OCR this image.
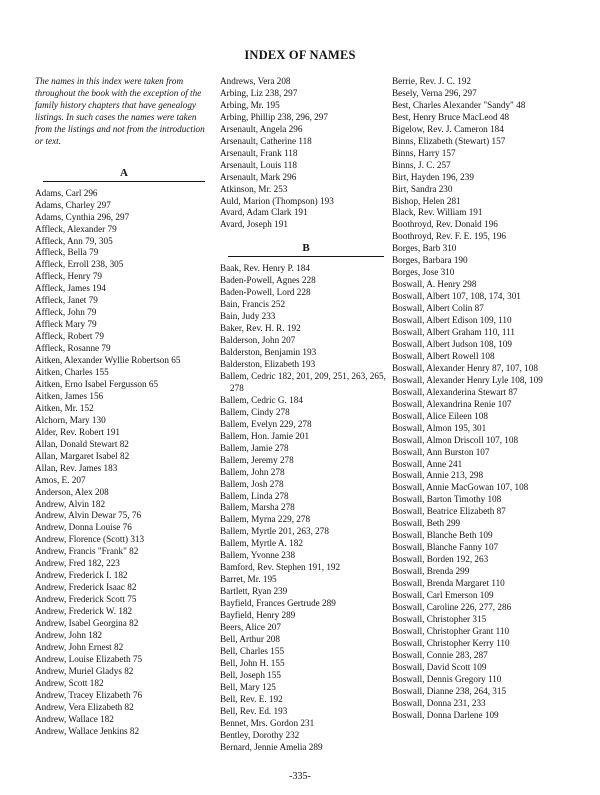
INDEX OF NAMES
The names in this index were taken from throughout the book with the exception of the family history chapters that have genealogy listings. In such cases the names were taken from the listings and not from the introduction or text.
A
Adams, Carl 296
Adams, Charley 297
Adams, Cynthia 296, 297
Affleck, Alexander 79
Affleck, Ann 79, 305
Affleck, Bella 79
Affleck, Erroll 238, 305
Affleck, Henry 79
Affleck, James 194
Affleck, Janet 79
Affleck, John 79
Affleck Mary 79
Affleck, Robert 79
Affleck, Rosanne 79
Aitken, Alexander Wyllie Robertson 65
Aitken, Charles 155
Aitken, Erno Isabel Fergusson 65
Aitken, James 156
Aitken, Mr. 152
Alchorn, Mary 130
Alder, Rev. Robert 191
Allan, Donald Stewart 82
Allan, Margaret Isabel 82
Allan, Rev. James 183
Amos, E. 207
Anderson, Alex 208
Andrew, Alvin 182
Andrew, Alvin Dewar 75, 76
Andrew, Donna Louise 76
Andrew, Florence (Scott) 313
Andrew, Francis "Frank" 82
Andrew, Fred 182, 223
Andrew, Frederick I. 182
Andrew, Frederick Isaac 82
Andrew, Frederick Scott 75
Andrew, Frederick W. 182
Andrew, Isabel Georgina 82
Andrew, John 182
Andrew, John Ernest 82
Andrew, Louise Elizabeth 75
Andrew, Muriel Gladys 82
Andrew, Scott 182
Andrew, Tracey Elizabeth 76
Andrew, Vera Elizabeth 82
Andrew, Wallace 182
Andrew, Wallace Jenkins 82
Andrews, Vera 208
Arbing, Liz 238, 297
Arbing, Mr. 195
Arbing, Phillip 238, 296, 297
Arsenault, Angela 296
Arsenault, Catherine 118
Arsenault, Frank 118
Arsenault, Louis 118
Arsenault, Mark 296
Atkinson, Mr. 253
Auld, Marion (Thompson) 193
Avard, Adam Clark 191
Avard, Joseph 191
B
Baak, Rev. Henry P. 184
Baden-Powell, Agnes 228
Baden-Powell, Lord 228
Bain, Francis 252
Bain, Judy 233
Baker, Rev. H. R. 192
Balderson, John 207
Balderston, Benjamin 193
Balderston, Elizabeth 193
Ballem, Cedric 182, 201, 209, 251, 263, 265, 278
Ballem, Cedric G. 184
Ballem, Cindy 278
Ballem, Evelyn 229, 278
Ballem, Hon. Jamie 201
Ballem, Jamie 278
Ballem, Jeremy 278
Ballem, John 278
Ballem, Josh 278
Ballem, Linda 278
Ballem, Marsha 278
Ballem, Myrna 229, 278
Ballem, Myrtle 201, 263, 278
Ballem, Myrtle A. 182
Ballem, Yvonne 238
Bamford, Rev. Stephen 191, 192
Barret, Mr. 195
Bartlett, Ryan 239
Bayfield, Frances Gertrude 289
Bayfield, Henry 289
Beers, Alice 207
Bell, Arthur 208
Bell, Charles 155
Bell, John H. 155
Bell, Joseph 155
Bell, Mary 125
Bell, Rev. E. 192
Bell, Rev. Ed. 193
Bennet, Mrs. Gordon 231
Bentley, Dorothy 232
Bernard, Jennie Amelia 289
Berrie, Rev. J. C. 192
Besely, Verna 296, 297
Best, Charles Alexander "Sandy" 48
Best, Henry Bruce MacLeod 48
Bigelow, Rev. J. Cameron 184
Binns, Elizabeth (Stewart) 157
Binns, Harry 157
Binns, J. C. 257
Birt, Hayden 196, 239
Birt, Sandra 230
Bishop, Helen 281
Black, Rev. William 191
Boothroyd, Rev. Donald 196
Boothroyd, Rev. F. E. 195, 196
Borges, Barb 310
Borges, Barbara 190
Borges, Jose 310
Boswall, A. Henry 298
Boswall, Albert 107, 108, 174, 301
Boswall, Albert Colin 87
Boswall, Albert Edison 109, 110
Boswall, Albert Graham 110, 111
Boswall, Albert Judson 108, 109
Boswall, Albert Rowell 108
Boswall, Alexander Henry 87, 107, 108
Boswall, Alexander Henry Lyle 108, 109
Boswall, Alexanderina Stewart 87
Boswall, Alexandrina Renie 107
Boswall, Alice Eileen 108
Boswall, Almon 195, 301
Boswall, Almon Driscoll 107, 108
Boswall, Ann Burston 107
Boswall, Anne 241
Boswall, Annie 213, 298
Boswall, Annie MacGowan 107, 108
Boswall, Barton Timothy 108
Boswall, Beatrice Elizabeth 87
Boswall, Beth 299
Boswall, Blanche Beth 109
Boswall, Blanche Fanny 107
Boswall, Borden 192, 263
Boswall, Brenda 299
Boswall, Brenda Margaret 110
Boswall, Carl Emerson 109
Boswall, Caroline 226, 277, 286
Boswall, Christopher 315
Boswall, Christopher Grant 110
Boswall, Christopher Kerry 110
Boswall, Connie 283, 287
Boswall, David Scott 109
Boswall, Dennis Gregory 110
Boswall, Dianne 238, 264, 315
Boswall, Donna 231, 233
Boswall, Donna Darlene 109
-335-
